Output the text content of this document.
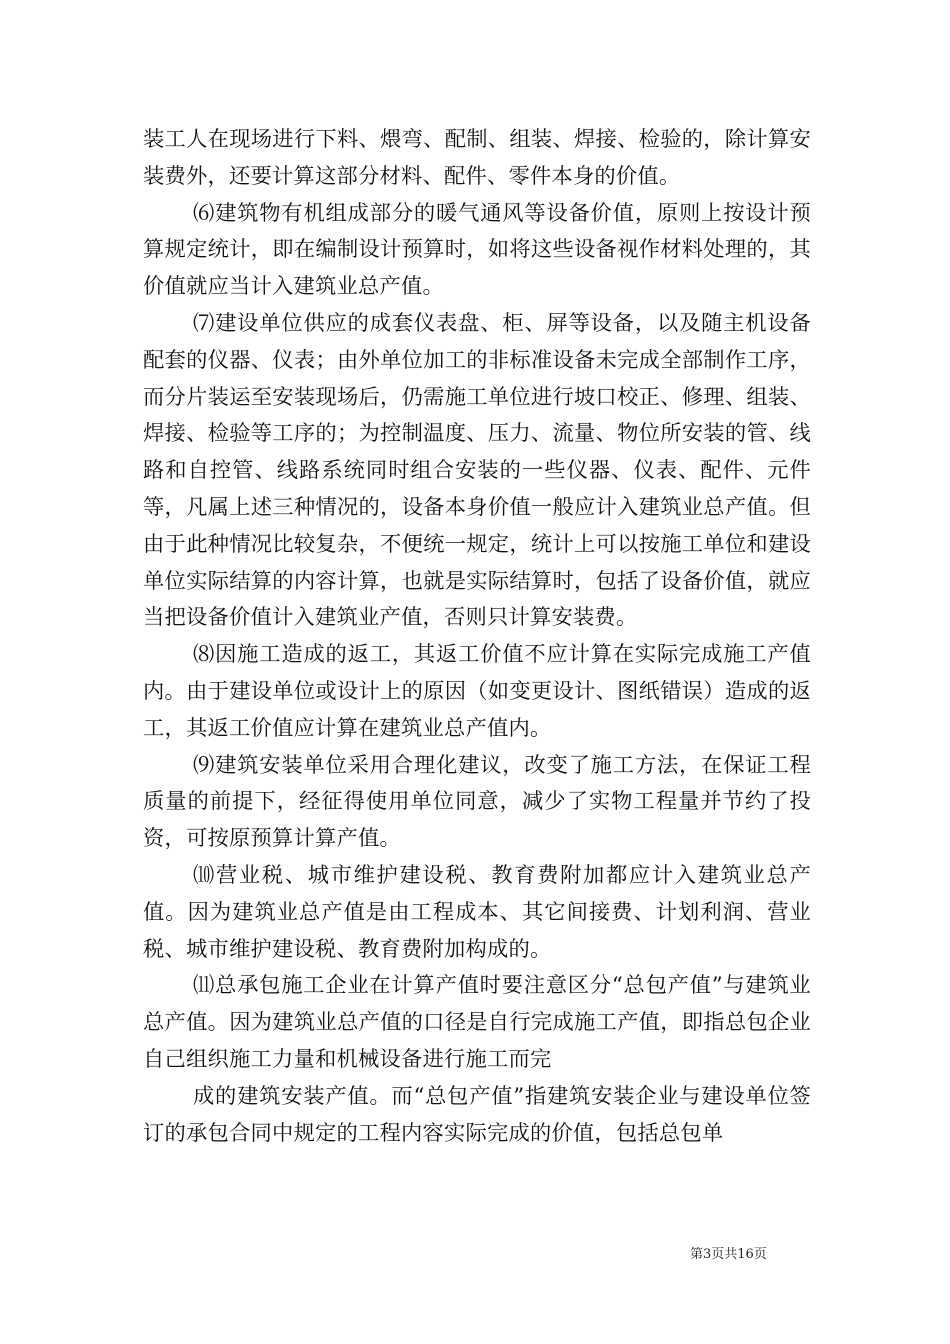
装工人在现场进行下料、煨弯、配制、组装、焊接、检验的，除计算安装费外，还要计算这部分材料、配件、零件本身的价值。

⑹建筑物有机组成部分的暖气通风等设备价值，原则上按设计预算规定统计，即在编制设计预算时，如将这些设备视作材料处理的，其价值就应当计入建筑业总产值。

⑺建设单位供应的成套仪表盘、柜、屏等设备，以及随主机设备配套的仪器、仪表；由外单位加工的非标准设备未完成全部制作工序，而分片装运至安装现场后，仍需施工单位进行坡口校正、修理、组装、焊接、检验等工序的；为控制温度、压力、流量、物位所安装的管、线路和自控管、线路系统同时组合安装的一些仪器、仪表、配件、元件等，凡属上述三种情况的，设备本身价值一般应计入建筑业总产值。但由于此种情况比较复杂，不便统一规定，统计上可以按施工单位和建设单位实际结算的内容计算，也就是实际结算时，包括了设备价值，就应当把设备价值计入建筑业产值，否则只计算安装费。

⑻因施工造成的返工，其返工价值不应计算在实际完成施工产值内。由于建设单位或设计上的原因（如变更设计、图纸错误）造成的返工，其返工价值应计算在建筑业总产值内。

⑼建筑安装单位采用合理化建议，改变了施工方法，在保证工程质量的前提下，经征得使用单位同意，减少了实物工程量并节约了投资，可按原预算计算产值。

⑽营业税、城市维护建设税、教育费附加都应计入建筑业总产值。因为建筑业总产值是由工程成本、其它间接费、计划利润、营业税、城市维护建设税、教育费附加构成的。

⑾总承包施工企业在计算产值时要注意区分“总包产值”与建筑业总产值。因为建筑业总产值的口径是自行完成施工产值，即指总包企业自己组织施工力量和机械设备进行施工而完

成的建筑安装产值。而“总包产值”指建筑安装企业与建设单位签订的承包合同中规定的工程内容实际完成的价值，包括总包单

第3页共16页
